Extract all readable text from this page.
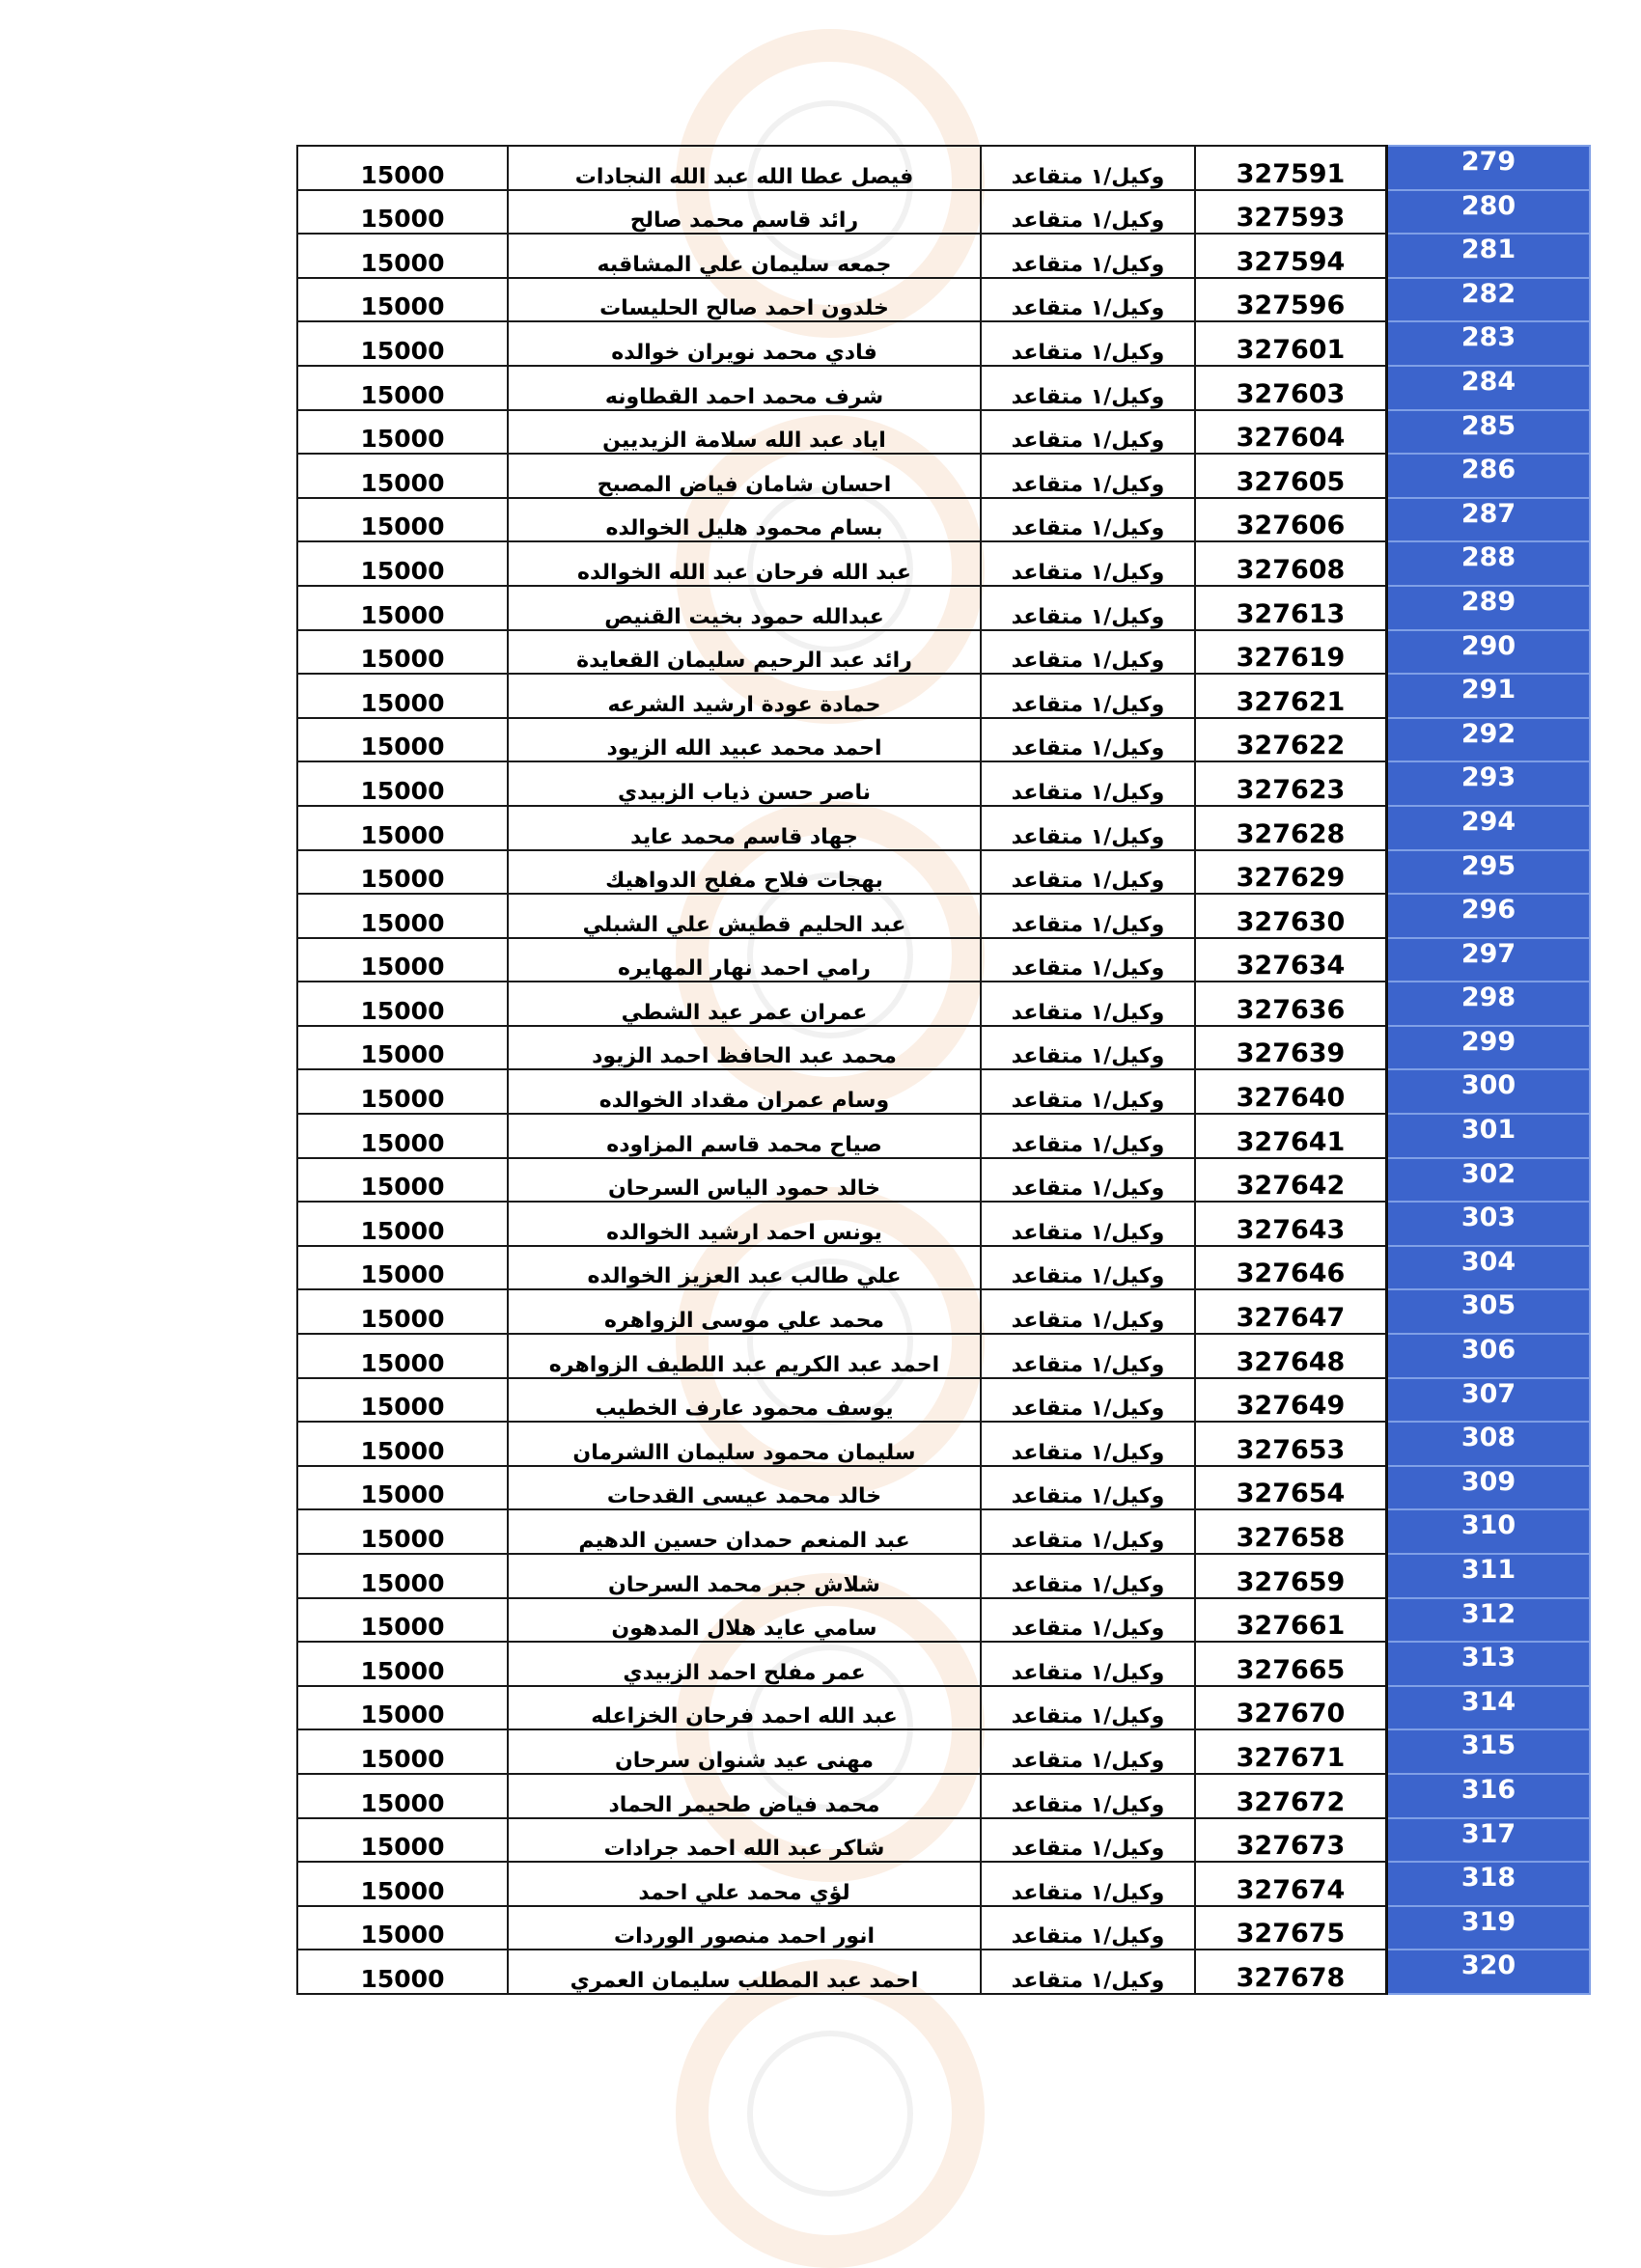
15000	فيصل عطا الله عبد الله النجادات	وكيل/١ متقاعد	327591	279
15000	رائد قاسم محمد صالح	وكيل/١ متقاعد	327593	280
15000	جمعه سليمان علي المشاقبه	وكيل/١ متقاعد	327594	281
15000	خلدون احمد صالح الحليسات	وكيل/١ متقاعد	327596	282
15000	فادي محمد نويران خوالده	وكيل/١ متقاعد	327601	283
15000	شرف محمد احمد القطاونه	وكيل/١ متقاعد	327603	284
15000	اياد عبد الله سلامة الزيديين	وكيل/١ متقاعد	327604	285
15000	احسان شامان فياض المصبح	وكيل/١ متقاعد	327605	286
15000	بسام محمود هليل الخوالده	وكيل/١ متقاعد	327606	287
15000	عبد الله فرحان عبد الله الخوالده	وكيل/١ متقاعد	327608	288
15000	عبدالله حمود بخيت القنيص	وكيل/١ متقاعد	327613	289
15000	رائد عبد الرحيم سليمان القعايدة	وكيل/١ متقاعد	327619	290
15000	حمادة عودة ارشيد الشرعه	وكيل/١ متقاعد	327621	291
15000	احمد محمد عبيد الله الزيود	وكيل/١ متقاعد	327622	292
15000	ناصر حسن ذياب الزبيدي	وكيل/١ متقاعد	327623	293
15000	جهاد قاسم محمد عايد	وكيل/١ متقاعد	327628	294
15000	بهجات فلاح مفلح الدواهيك	وكيل/١ متقاعد	327629	295
15000	عبد الحليم قطيش علي الشبلي	وكيل/١ متقاعد	327630	296
15000	رامي احمد نهار المهايره	وكيل/١ متقاعد	327634	297
15000	عمران عمر عيد الشطي	وكيل/١ متقاعد	327636	298
15000	محمد عبد الحافظ احمد الزيود	وكيل/١ متقاعد	327639	299
15000	وسام عمران مقداد الخوالده	وكيل/١ متقاعد	327640	300
15000	صياح محمد قاسم المزاوده	وكيل/١ متقاعد	327641	301
15000	خالد حمود الياس السرحان	وكيل/١ متقاعد	327642	302
15000	يونس احمد ارشيد الخوالده	وكيل/١ متقاعد	327643	303
15000	علي طالب عبد العزيز الخوالده	وكيل/١ متقاعد	327646	304
15000	محمد علي موسى الزواهره	وكيل/١ متقاعد	327647	305
15000	احمد عبد الكريم عبد اللطيف الزواهره	وكيل/١ متقاعد	327648	306
15000	يوسف محمود عارف الخطيب	وكيل/١ متقاعد	327649	307
15000	سليمان محمود سليمان االشرمان	وكيل/١ متقاعد	327653	308
15000	خالد محمد عيسى القدحات	وكيل/١ متقاعد	327654	309
15000	عبد المنعم حمدان حسين الدهيم	وكيل/١ متقاعد	327658	310
15000	شلاش جبر محمد السرحان	وكيل/١ متقاعد	327659	311
15000	سامي عايد هلال المدهون	وكيل/١ متقاعد	327661	312
15000	عمر مفلح احمد الزبيدي	وكيل/١ متقاعد	327665	313
15000	عبد الله احمد فرحان الخزاعله	وكيل/١ متقاعد	327670	314
15000	مهنى عيد شنوان سرحان	وكيل/١ متقاعد	327671	315
15000	محمد فياض طحيمر الحماد	وكيل/١ متقاعد	327672	316
15000	شاكر عبد الله احمد جرادات	وكيل/١ متقاعد	327673	317
15000	لؤي محمد علي احمد	وكيل/١ متقاعد	327674	318
15000	انور احمد منصور الوردات	وكيل/١ متقاعد	327675	319
15000	احمد عبد المطلب سليمان العمري	وكيل/١ متقاعد	327678	320
